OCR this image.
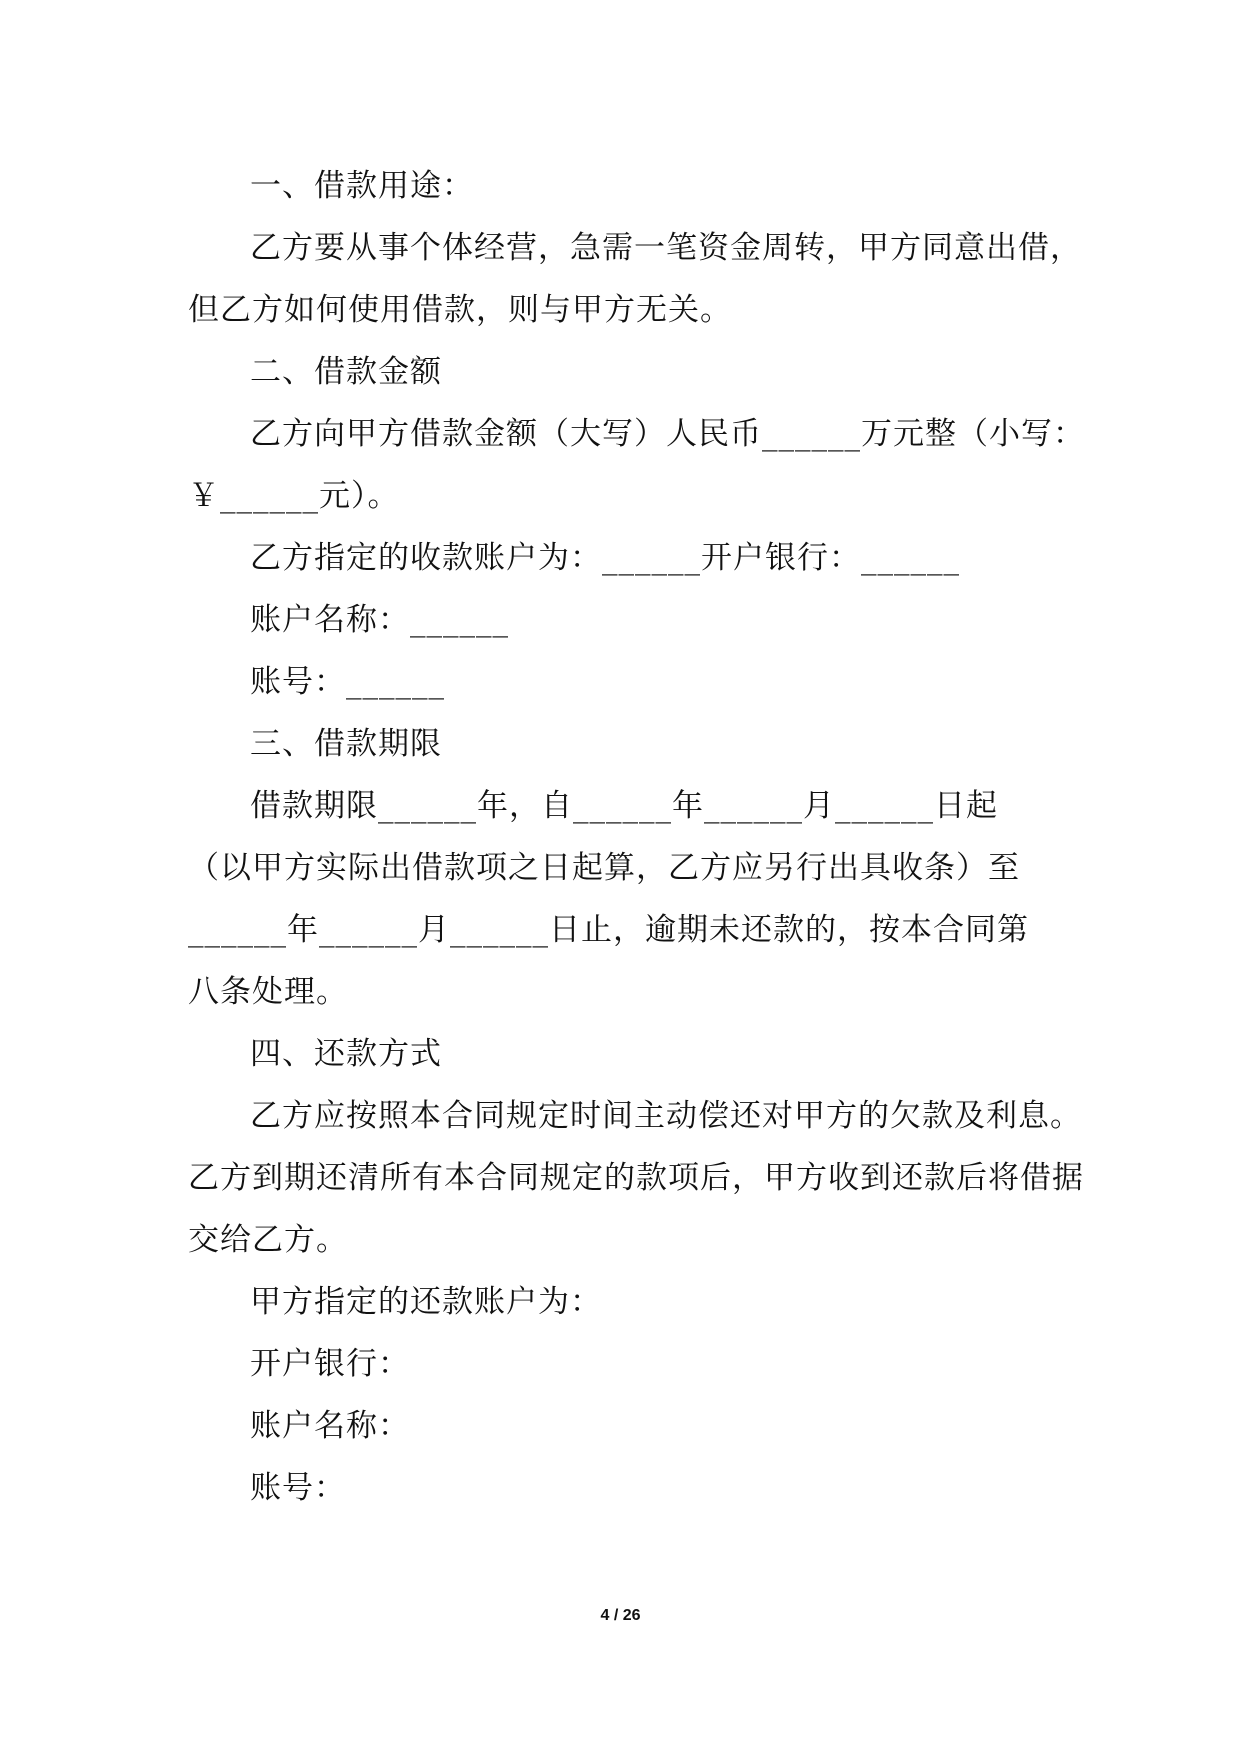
一、借款用途：
乙方要从事个体经营，急需一笔资金周转，甲方同意出借，
但乙方如何使用借款，则与甲方无关。
二、借款金额
乙方向甲方借款金额（大写）人民币______万元整（小写：
￥______元）。
乙方指定的收款账户为：______开户银行：______
账户名称：______
账号：______
三、借款期限
借款期限______年，自______年______月______日起
（以甲方实际出借款项之日起算，乙方应另行出具收条）至
______年______月______日止，逾期未还款的，按本合同第
八条处理。
四、还款方式
乙方应按照本合同规定时间主动偿还对甲方的欠款及利息。
乙方到期还清所有本合同规定的款项后，甲方收到还款后将借据
交给乙方。
甲方指定的还款账户为：
开户银行：
账户名称：
账号：
4 / 26
